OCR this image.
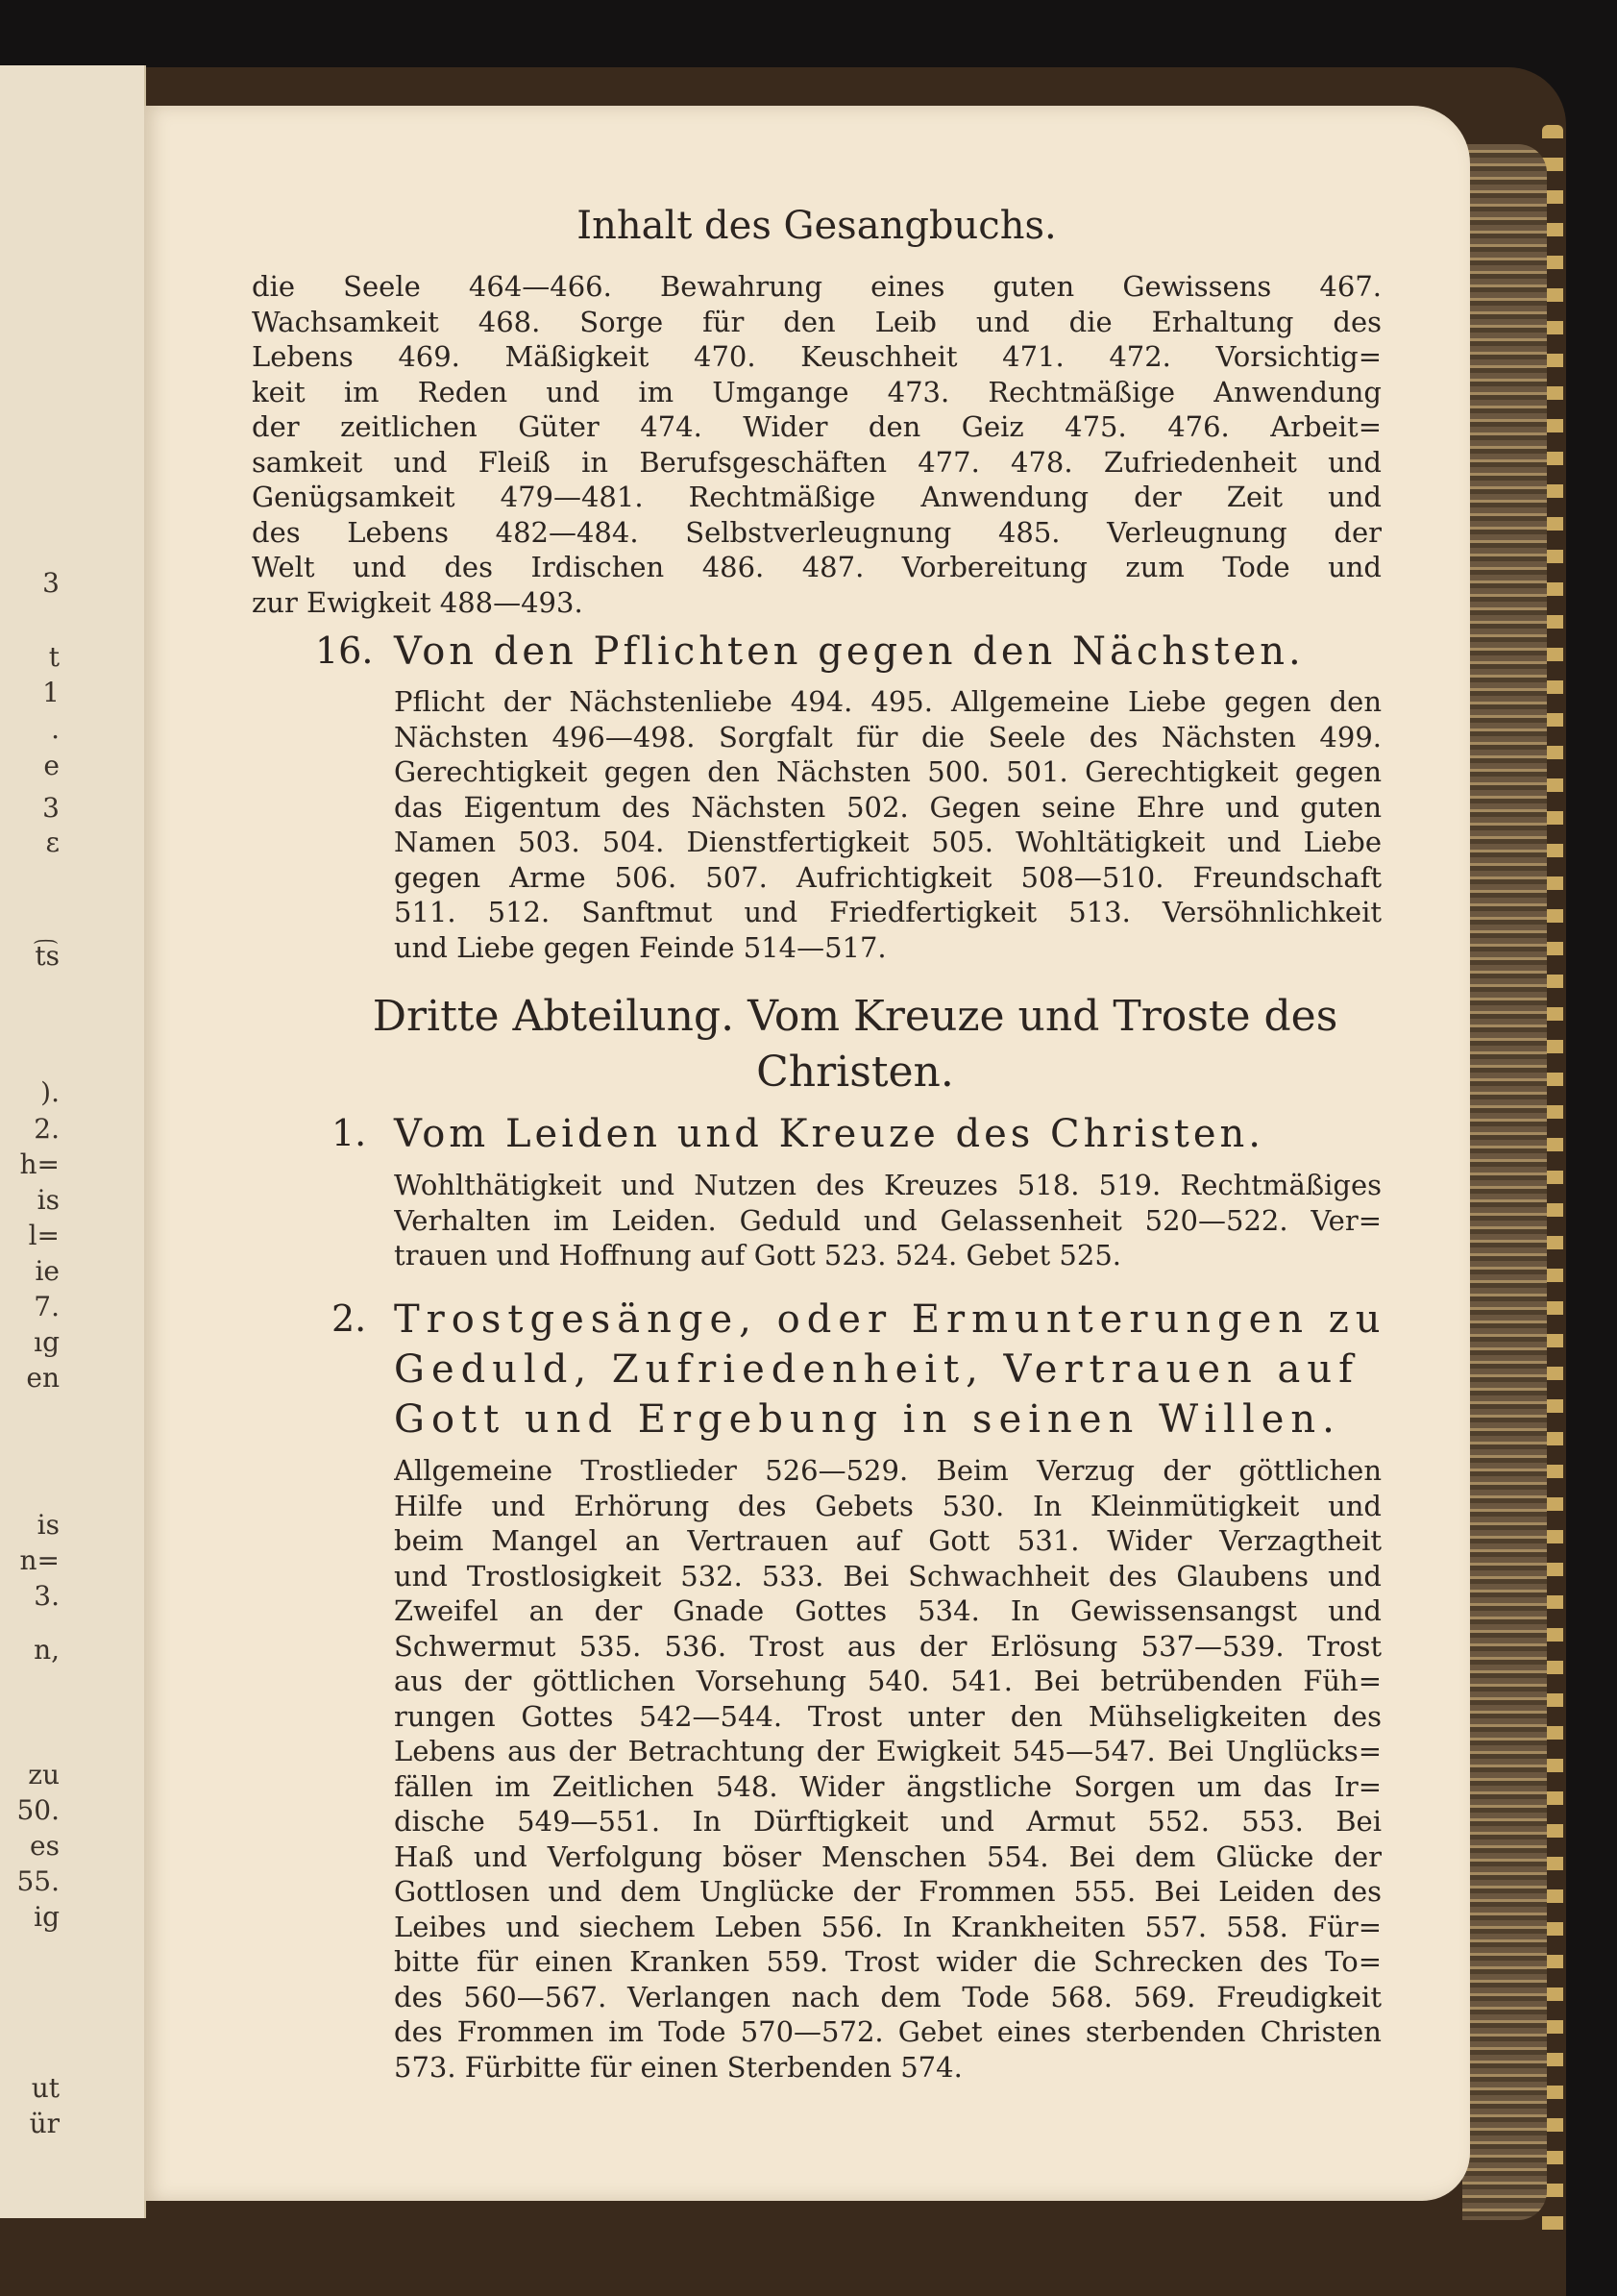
3
t
1
.
e
3
ɛ
t͡s
).
2.
h=
is
l=
ie
7.
ıg
en
is
n=
3.
n,
zu
50.
es
55.
ig
ut
ür
Inhalt des Gesangbuchs.
die Seele 464—466. Bewahrung eines guten Gewissens 467.
Wachsamkeit 468. Sorge für den Leib und die Erhaltung des
Lebens 469. Mäßigkeit 470. Keuschheit 471. 472. Vorsichtig=
keit im Reden und im Umgange 473. Rechtmäßige Anwendung
der zeitlichen Güter 474. Wider den Geiz 475. 476. Arbeit=
samkeit und Fleiß in Berufsgeschäften 477. 478. Zufriedenheit und
Genügsamkeit 479—481. Rechtmäßige Anwendung der Zeit und
des Lebens 482—484. Selbstverleugnung 485. Verleugnung der
Welt und des Irdischen 486. 487. Vorbereitung zum Tode und
zur Ewigkeit 488—493.
16. Von den Pflichten gegen den Nächsten.
Pflicht der Nächstenliebe 494. 495. Allgemeine Liebe gegen den
Nächsten 496—498. Sorgfalt für die Seele des Nächsten 499.
Gerechtigkeit gegen den Nächsten 500. 501. Gerechtigkeit gegen
das Eigentum des Nächsten 502. Gegen seine Ehre und guten
Namen 503. 504. Dienstfertigkeit 505. Wohltätigkeit und Liebe
gegen Arme 506. 507. Aufrichtigkeit 508—510. Freundschaft
511. 512. Sanftmut und Friedfertigkeit 513. Versöhnlichkeit
und Liebe gegen Feinde 514—517.
Dritte Abteilung. Vom Kreuze und Troste des
Christen.
1. Vom Leiden und Kreuze des Christen.
Wohlthätigkeit und Nutzen des Kreuzes 518. 519. Rechtmäßiges
Verhalten im Leiden. Geduld und Gelassenheit 520—522. Ver=
trauen und Hoffnung auf Gott 523. 524. Gebet 525.
2. Trostgesänge, oder Ermunterungen zu
Geduld, Zufriedenheit, Vertrauen auf
Gott und Ergebung in seinen Willen.
Allgemeine Trostlieder 526—529. Beim Verzug der göttlichen
Hilfe und Erhörung des Gebets 530. In Kleinmütigkeit und
beim Mangel an Vertrauen auf Gott 531. Wider Verzagtheit
und Trostlosigkeit 532. 533. Bei Schwachheit des Glaubens und
Zweifel an der Gnade Gottes 534. In Gewissensangst und
Schwermut 535. 536. Trost aus der Erlösung 537—539. Trost
aus der göttlichen Vorsehung 540. 541. Bei betrübenden Füh=
rungen Gottes 542—544. Trost unter den Mühseligkeiten des
Lebens aus der Betrachtung der Ewigkeit 545—547. Bei Unglücks=
fällen im Zeitlichen 548. Wider ängstliche Sorgen um das Ir=
dische 549—551. In Dürftigkeit und Armut 552. 553. Bei
Haß und Verfolgung böser Menschen 554. Bei dem Glücke der
Gottlosen und dem Unglücke der Frommen 555. Bei Leiden des
Leibes und siechem Leben 556. In Krankheiten 557. 558. Für=
bitte für einen Kranken 559. Trost wider die Schrecken des To=
des 560—567. Verlangen nach dem Tode 568. 569. Freudigkeit
des Frommen im Tode 570—572. Gebet eines sterbenden Christen
573. Fürbitte für einen Sterbenden 574.
